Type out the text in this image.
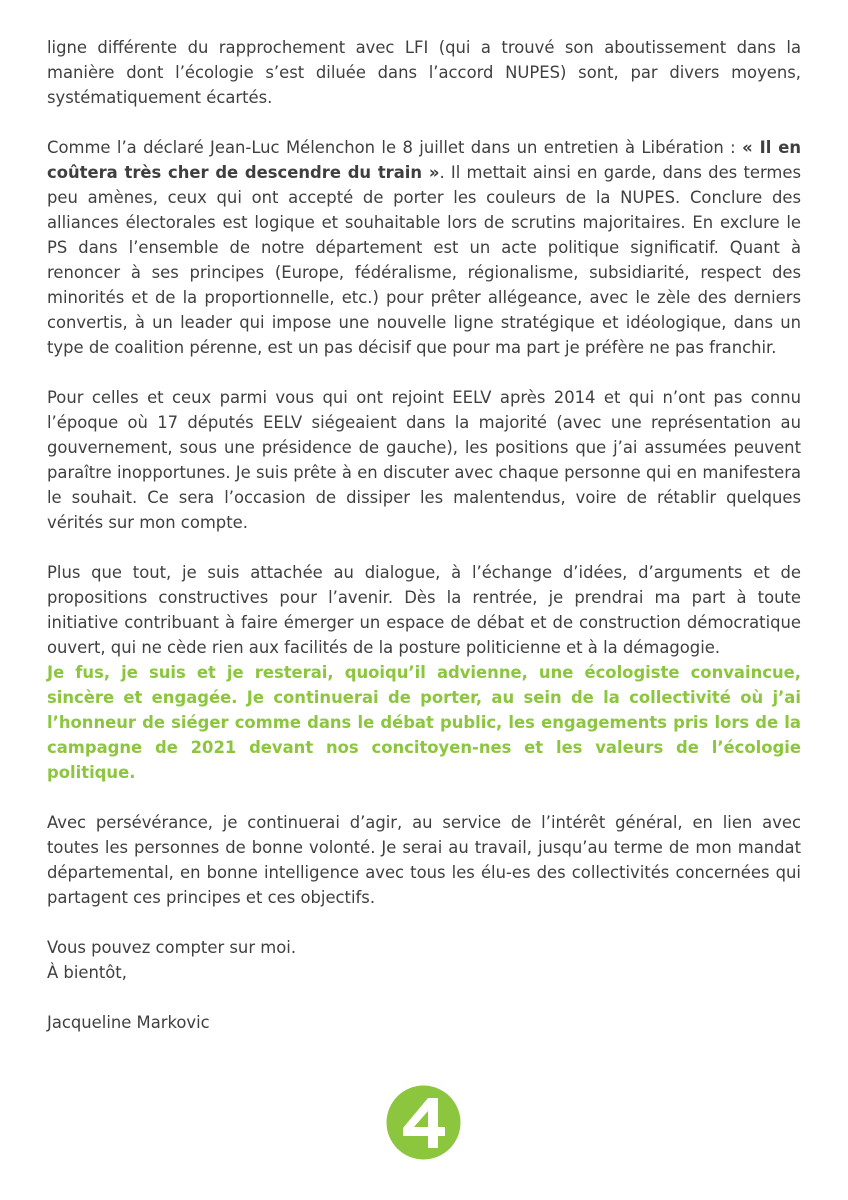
ligne différente du rapprochement avec LFI (qui a trouvé son aboutissement dans la manière dont l’écologie s’est diluée dans l’accord NUPES) sont, par divers moyens, systématiquement écartés.

Comme l’a déclaré Jean-Luc Mélenchon le 8 juillet dans un entretien à Libération : « Il en coûtera très cher de descendre du train ». Il mettait ainsi en garde, dans des termes peu amènes, ceux qui ont accepté de porter les couleurs de la NUPES. Conclure des alliances électorales est logique et souhaitable lors de scrutins majoritaires. En exclure le PS dans l’ensemble de notre département est un acte politique significatif. Quant à renoncer à ses principes (Europe, fédéralisme, régionalisme, subsidiarité, respect des minorités et de la proportionnelle, etc.) pour prêter allégeance, avec le zèle des derniers convertis, à un leader qui impose une nouvelle ligne stratégique et idéologique, dans un type de coalition pérenne, est un pas décisif que pour ma part je préfère ne pas franchir.

Pour celles et ceux parmi vous qui ont rejoint EELV après 2014 et qui n’ont pas connu l’époque où 17 députés EELV siégeaient dans la majorité (avec une représentation au gouvernement, sous une présidence de gauche), les positions que j’ai assumées peuvent paraître inopportunes. Je suis prête à en discuter avec chaque personne qui en manifestera le souhait. Ce sera l’occasion de dissiper les malentendus, voire de rétablir quelques vérités sur mon compte.

Plus que tout, je suis attachée au dialogue, à l’échange d’idées, d’arguments et de propositions constructives pour l’avenir. Dès la rentrée, je prendrai ma part à toute initiative contribuant à faire émerger un espace de débat et de construction démocratique ouvert, qui ne cède rien aux facilités de la posture politicienne et à la démagogie.

Je fus, je suis et je resterai, quoiqu’il advienne, une écologiste convaincue, sincère et engagée. Je continuerai de porter, au sein de la collectivité où j’ai l’honneur de siéger comme dans le débat public, les engagements pris lors de la campagne de 2021 devant nos concitoyen-nes et les valeurs de l’écologie politique.

Avec persévérance, je continuerai d’agir, au service de l’intérêt général, en lien avec toutes les personnes de bonne volonté. Je serai au travail, jusqu’au terme de mon mandat départemental, en bonne intelligence avec tous les élu-es des collectivités concernées qui partagent ces principes et ces objectifs.

Vous pouvez compter sur moi.
À bientôt,

Jacqueline Markovic
